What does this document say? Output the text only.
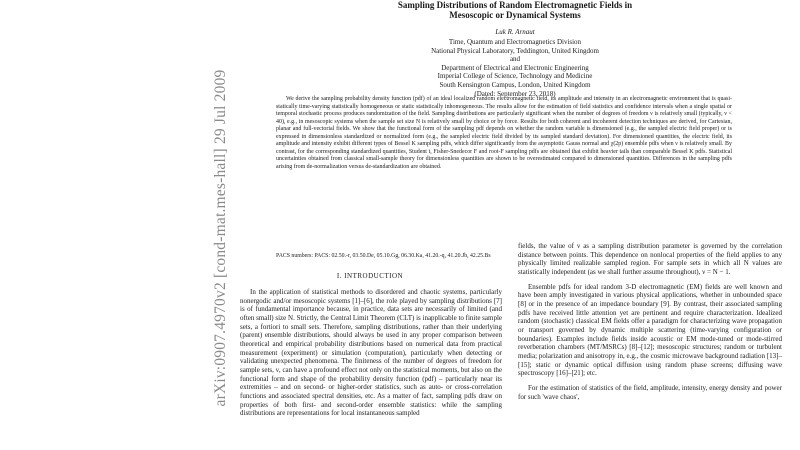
arXiv:0907.4970v2 [cond-mat.mes-hall] 29 Jul 2009
Sampling Distributions of Random Electromagnetic Fields in
Mesoscopic or Dynamical Systems
Luk R. Arnaut
Time, Quantum and Electromagnetics Division
National Physical Laboratory, Teddington, United Kingdom
and
Department of Electrical and Electronic Engineering
Imperial College of Science, Technology and Medicine
South Kensington Campus, London, United Kingdom
(Dated: September 23, 2018)
We derive the sampling probability density function (pdf) of an ideal localized random electromagnetic field, its amplitude and intensity in an electromagnetic environment that is quasi-statically time-varying statistically homogeneous or static statistically inhomogeneous. The results allow for the estimation of field statistics and confidence intervals when a single spatial or temporal stochastic process produces randomization of the field. Sampling distributions are particularly significant when the number of degrees of freedom ν is relatively small (typically, ν < 40), e.g., in mesoscopic systems when the sample set size N is relatively small by choice or by force. Results for both coherent and incoherent detection techniques are derived, for Cartesian, planar and full-vectorial fields. We show that the functional form of the sampling pdf depends on whether the random variable is dimensioned (e.g., the sampled electric field proper) or is expressed in dimensionless standardized or normalized form (e.g., the sampled electric field divided by its sampled standard deviation). For dimensioned quantities, the electric field, its amplitude and intensity exhibit different types of Bessel K sampling pdfs, which differ significantly from the asymptotic Gauss normal and χ(2p) ensemble pdfs when ν is relatively small. By contrast, for the corresponding standardized quantities, Student t, Fisher-Snedecor F and root-F sampling pdfs are obtained that exhibit heavier tails than comparable Bessel K pdfs. Statistical uncertainties obtained from classical small-sample theory for dimensionless quantities are shown to be overestimated compared to dimensioned quantities. Differences in the sampling pdfs arising from de-normalization versus de-standardization are obtained.
PACS numbers: PACS: 02.50.-r, 03.50.De, 05.10.Gg, 06.30.Ka, 41.20.-q, 41.20.Jb, 42.25.Bs
I. INTRODUCTION

In the application of statistical methods to disordered and chaotic systems, particularly nonergodic and/or mesoscopic systems [1]–[6], the role played by sampling distributions [7] is of fundamental importance because, in practice, data sets are necessarily of limited (and often small) size N. Strictly, the Central Limit Theorem (CLT) is inapplicable to finite sample sets, a fortiori to small sets. Therefore, sampling distributions, rather than their underlying (parent) ensemble distributions, should always be used in any proper comparison between theoretical and empirical probability distributions based on numerical data from practical measurement (experiment) or simulation (computation), particularly when detecting or validating unexpected phenomena. The finiteness of the number of degrees of freedom for sample sets, ν, can have a profound effect not only on the statistical moments, but also on the functional form and shape of the probability density function (pdf) – particularly near its extremities – and on second- or higher-order statistics, such as auto- or cross-correlation functions and associated spectral densities, etc. As a matter of fact, sampling pdfs draw on properties of both first- and second-order ensemble statistics: while the sampling distributions are representations for local instantaneous sampled

fields, the value of ν as a sampling distribution parameter is governed by the correlation distance between points. This dependence on nonlocal properties of the field applies to any physically limited realizable sampled region. For sample sets in which all N values are statistically independent (as we shall further assume throughout), ν = N − 1.

Ensemble pdfs for ideal random 3-D electromagnetic (EM) fields are well known and have been amply investigated in various physical applications, whether in unbounded space [8] or in the presence of an impedance boundary [9]. By contrast, their associated sampling pdfs have received little attention yet are pertinent and require characterization. Idealized random (stochastic) classical EM fields offer a paradigm for characterizing wave propagation or transport governed by dynamic multiple scattering (time-varying configuration or boundaries). Examples include fields inside acoustic or EM mode-tuned or mode-stirred reverberation chambers (MT/MSRCs) [8]–[12]; mesoscopic structures; random or turbulent media; polarization and anisotropy in, e.g., the cosmic microwave background radiation [13]–[15]; static or dynamic optical diffusion using random phase screens; diffusing wave spectroscopy [16]–[21]; etc.

For the estimation of statistics of the field, amplitude, intensity, energy density and power for such 'wave chaos',
